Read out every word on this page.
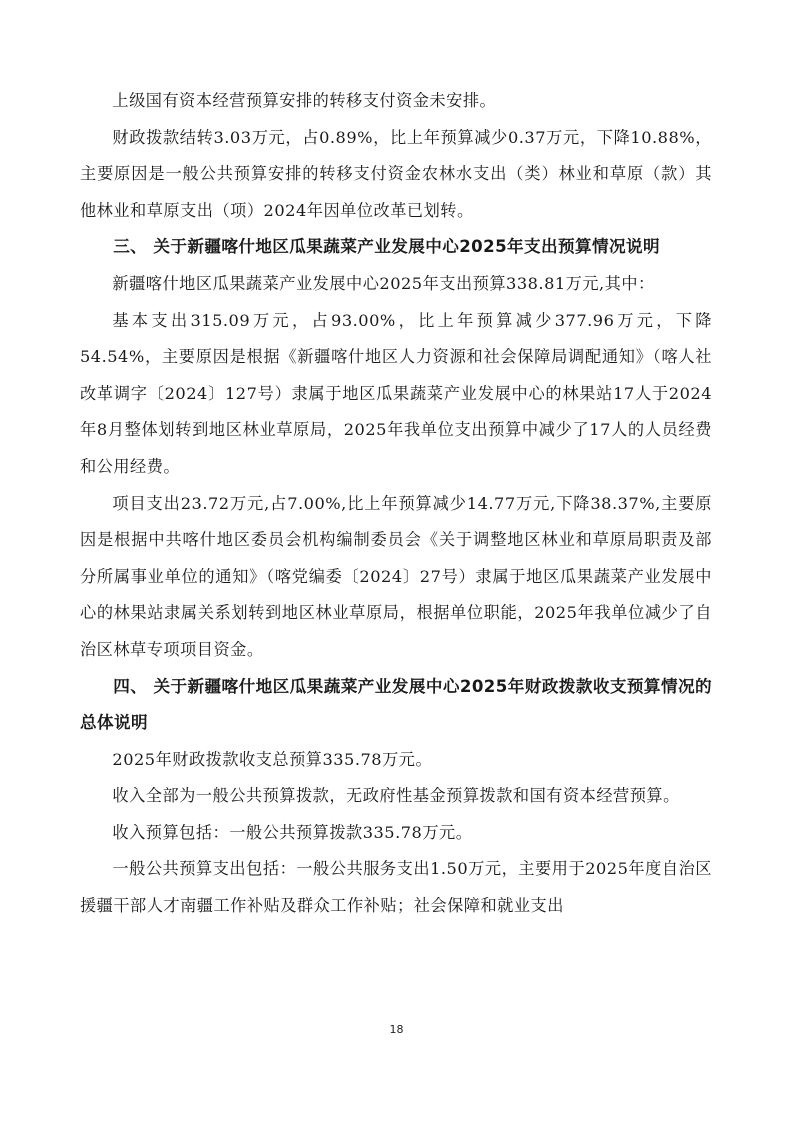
上级国有资本经营预算安排的转移支付资金未安排。

财政拨款结转3.03万元，占0.89%，比上年预算减少0.37万元，下降10.88%，主要原因是一般公共预算安排的转移支付资金农林水支出（类）林业和草原（款）其他林业和草原支出（项）2024年因单位改革已划转。

三、 关于新疆喀什地区瓜果蔬菜产业发展中心2025年支出预算情况说明

新疆喀什地区瓜果蔬菜产业发展中心2025年支出预算338.81万元,其中：

基本支出315.09万元，占93.00%，比上年预算减少377.96万元，下降54.54%，主要原因是根据《新疆喀什地区人力资源和社会保障局调配通知》（喀人社改革调字〔2024〕127号）隶属于地区瓜果蔬菜产业发展中心的林果站17人于2024年8月整体划转到地区林业草原局，2025年我单位支出预算中减少了17人的人员经费和公用经费。

项目支出23.72万元,占7.00%,比上年预算减少14.77万元,下降38.37%,主要原因是根据中共喀什地区委员会机构编制委员会《关于调整地区林业和草原局职责及部分所属事业单位的通知》（喀党编委〔2024〕27号）隶属于地区瓜果蔬菜产业发展中心的林果站隶属关系划转到地区林业草原局，根据单位职能，2025年我单位减少了自治区林草专项项目资金。

四、 关于新疆喀什地区瓜果蔬菜产业发展中心2025年财政拨款收支预算情况的总体说明

2025年财政拨款收支总预算335.78万元。

收入全部为一般公共预算拨款，无政府性基金预算拨款和国有资本经营预算。

收入预算包括：一般公共预算拨款335.78万元。

一般公共预算支出包括：一般公共服务支出1.50万元，主要用于2025年度自治区援疆干部人才南疆工作补贴及群众工作补贴；社会保障和就业支出

18
